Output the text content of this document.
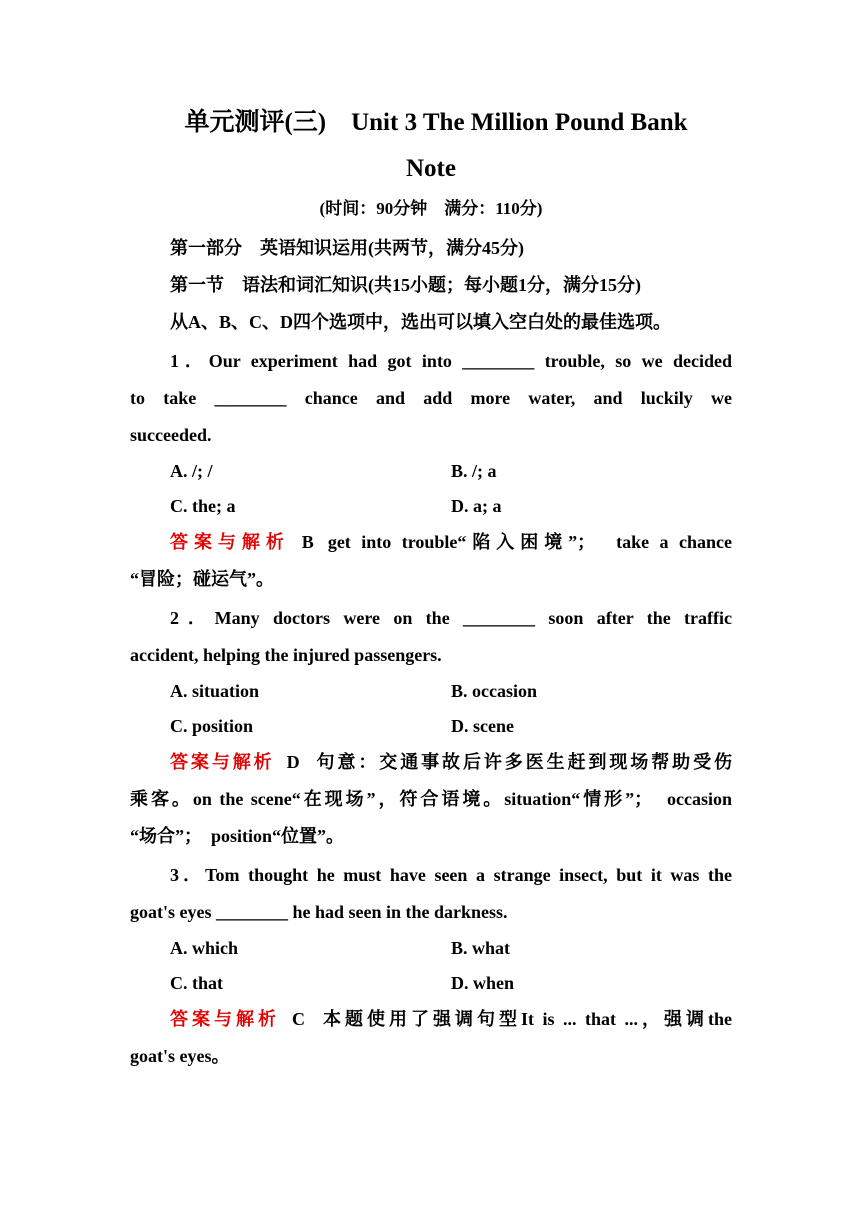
单元测评(三)　Unit 3 The Million Pound Bank

Note

(时间：90分钟　满分：110分)

第一部分　英语知识运用(共两节，满分45分)

第一节　语法和词汇知识(共15小题；每小题1分，满分15分)

从A、B、C、D四个选项中，选出可以填入空白处的最佳选项。

1．Our experiment had got into ________ trouble, so we decided

to take ________ chance and add more water, and luckily we

succeeded.

A. /; /	B. /; a
C. the; a	D. a; a

答案与解析 B get into trouble“陷入困境”；　take a chance

“冒险；碰运气”。

2．Many doctors were on the ________ soon after the traffic

accident, helping the injured passengers.

A. situation	B. occasion
C. position	D. scene

答案与解析 D 句意：交通事故后许多医生赶到现场帮助受伤

乘客。on the scene“在现场”，符合语境。situation“情形”；　occasion

“场合”；　position“位置”。

3．Tom thought he must have seen a strange insect, but it was the

goat's eyes ________ he had seen in the darkness.

A. which	B. what
C. that	D. when

答案与解析 C 本题使用了强调句型It is ... that ...，强调the

goat's eyes。
